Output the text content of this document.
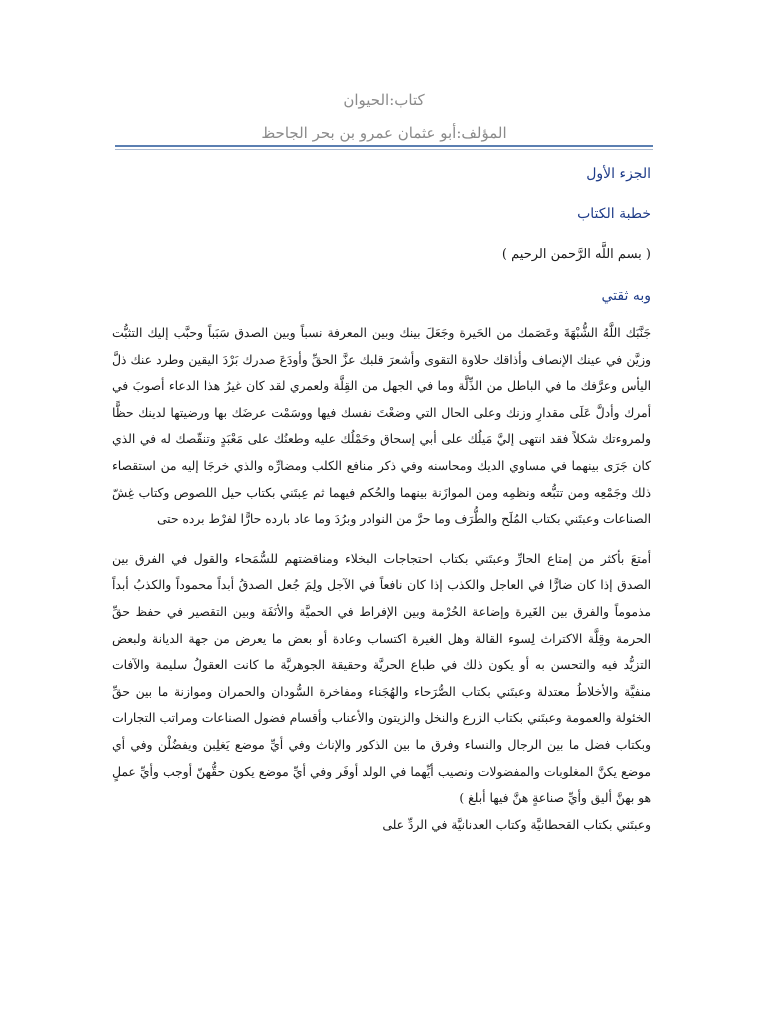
كتاب:الحيوان
المؤلف:أبو عثمان عمرو بن بحر الجاحظ
الجزء الأول
خطبة الكتاب
( بسم اللَّه الرَّحمن الرحيم )
وبه ثقتي

جَنَّبَك اللَّهُ الشُّبْهَةَ وعَصَمك من الحَيرة وجَعَلَ بينك وبين المعرفة نسباً وبين الصدق سَبَباً وحبَّب إليك التثبُّت وزيَّن في عينك الإنصاف وأذاقك حلاوة التقوى وأشعرَ قلبك عزَّ الحقِّ وأودَعَ صدرك بَرْدَ اليقين وطرد عنك ذلَّ اليأس وعرَّفك ما في الباطل من الذِّلَّة وما في الجهل من القِلَّة ولعمري لقد كان غيرُ هذا الدعاء أصوبَ في أمرك وأدلَّ عَلَى مقدارِ وزنك وعلى الحال التي وضعْتَ نفسك فيها ووسَمْت عرضَك بها ورضيتها لدينك حظًّا ولمروءتك شكلاً فقد انتهى إليَّ مَيلُك على أبي إسحاق وحَمْلُك عليه وطعنُك على مَعْبَدٍ وتنقّصك له في الذي كان جَرَى بينهما في مساوي الديك ومحاسنه وفي ذكر منافع الكلب ومضارِّه والذي خرجَا إليه من استقصاء ذلك وجَمْعِه ومن تتبُّعه ونظمِه ومن الموازَنة بينهما والحُكم فيهما ثم عِبتَني بكتاب حيل اللصوص وكتاب غِشّ الصناعات وعبتَني بكتاب المُلَح والطُّرَف وما حرَّ من النوادر وبرُدَ وما عاد بارده حارًّا لفرْط برده حتى

أمتعَ بأكثر من إمتاع الحارِّ وعبتَني بكتاب احتجاجات البخلاء ومناقضتهم للسُّمَحاء والقول في الفرق بين الصدق إذا كان ضارًّا في العاجل والكذب إذا كان نافعاً في الآجل ولِمَ جُعل الصدقُ أبداً محموداً والكذبُ أبداً مذموماً والفرق بين الغَيرة وإضاعة الحُرْمة وبين الإفراط في الحميَّة والأنَفَة وبين التقصير في حفظ حقِّ الحرمة وقِلَّة الاكتراث لِسوء القالة وهل الغيرة اكتساب وعادة أو بعض ما يعرض من جهة الديانة ولبعض التزيُّد فيه والتحسن به أو يكون ذلك في طباع الحريَّة وحقيقة الجوهريَّة ما كانت العقولُ سليمة والآفات منفيَّة والأخلاطُ معتدلة وعبتَني بكتاب الصُّرَحاء والهُجَناء ومفاخرة السُّودان والحمران وموازنة ما بين حقِّ الخئولة والعمومة وعبتَني بكتاب الزرع والنخل والزيتون والأعناب وأقسام فضول الصناعات ومراتب التجارات وبكتاب فضل ما بين الرجال والنساء وفرق ما بين الذكور والإناث وفي أيِّ موضع يَغلِبن ويفضُلْن وفي أي موضع يكنَّ المغلوبات والمفضولات ونصيب أيِّهما في الولد أوفَر وفي أيِّ موضع يكون حقُّهنّ أوجب وأيِّ عملٍ هو بهنَّ أليق وأيِّ صناعةٍ هنَّ فيها أبلغ )

وعبتَني بكتاب القحطانيَّة وكتاب العدنانيَّة في الردِّ على
